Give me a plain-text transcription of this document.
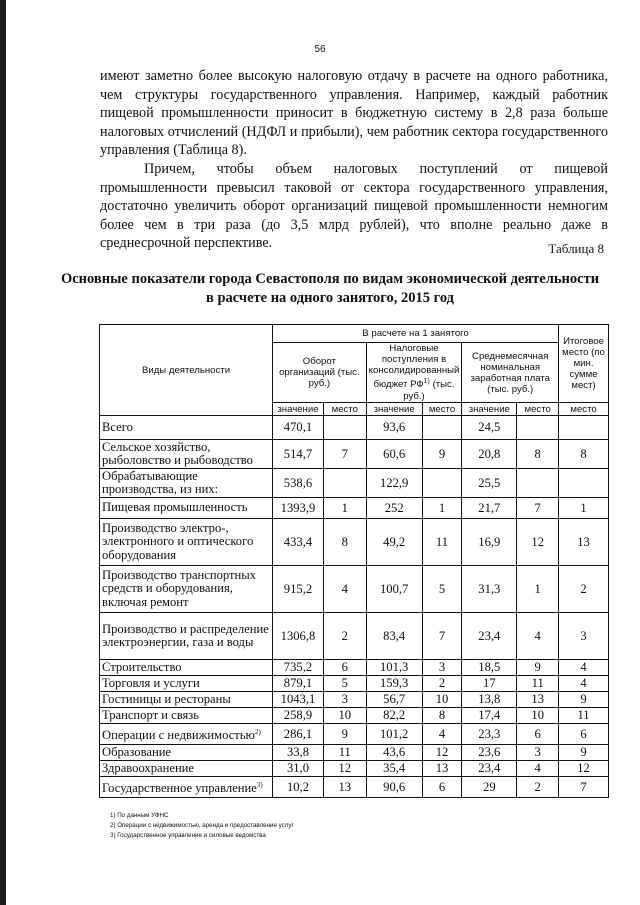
56

имеют заметно более высокую налоговую отдачу в расчете на одного работника, чем структуры государственного управления. Например, каждый работник пищевой промышленности приносит в бюджетную систему в 2,8 раза больше налоговых отчислений (НДФЛ и прибыли), чем работник сектора государственного управления (Таблица 8).

Причем, чтобы объем налоговых поступлений от пищевой промышленности превысил таковой от сектора государственного управления, достаточно увеличить оборот организаций пищевой промышленности немногим более чем в три раза (до 3,5 млрд рублей), что вполне реально даже в среднесрочной перспективе.	Таблица 8
Основные показатели города Севастополя по видам экономической деятельности в расчете на одного занятого, 2015 год
Виды деятельности	В расчете на 1 занятого						Итоговое место (по мин. сумме мест)
	Оборот организаций (тыс. руб.)		Налоговые поступления в консолидированный бюджет РФ$^{1)}$ (тыс. руб.)		Среднемесячная номинальная заработная плата (тыс. руб.)		
	значение	место	значение	место	значение	место	место
Всего	470,1		93,6		24,5		
Сельское хозяйство, рыболовство и рыбоводство	514,7	7	60,6	9	20,8	8	8
Обрабатывающие производства, из них:	538,6		122,9		25,5		
Пищевая промышленность	1393,9	1	252	1	21,7	7	1
Производство электро-, электронного и оптического оборудования	433,4	8	49,2	11	16,9	12	13
Производство транспортных средств и оборудования, включая ремонт	915,2	4	100,7	5	31,3	1	2
Производство и распределение электроэнергии, газа и воды	1306,8	2	83,4	7	23,4	4	3
Строительство	735,2	6	101,3	3	18,5	9	4
Торговля и услуги	879,1	5	159,3	2	17	11	4
Гостиницы и рестораны	1043,1	3	56,7	10	13,8	13	9
Транспорт и связь	258,9	10	82,2	8	17,4	10	11
Операции с недвижимостью$^{2)}$	286,1	9	101,2	4	23,3	6	6
Образование	33,8	11	43,6	12	23,6	3	9
Здравоохранение	31,0	12	35,4	13	23,4	4	12
Государственное управление$^{3)}$	10,2	13	90,6	6	29	2	7
1) По данным УФНС
2) Операции с недвижимостью, аренда и предоставление услуг
3) Государственное управление и силовые ведомства
